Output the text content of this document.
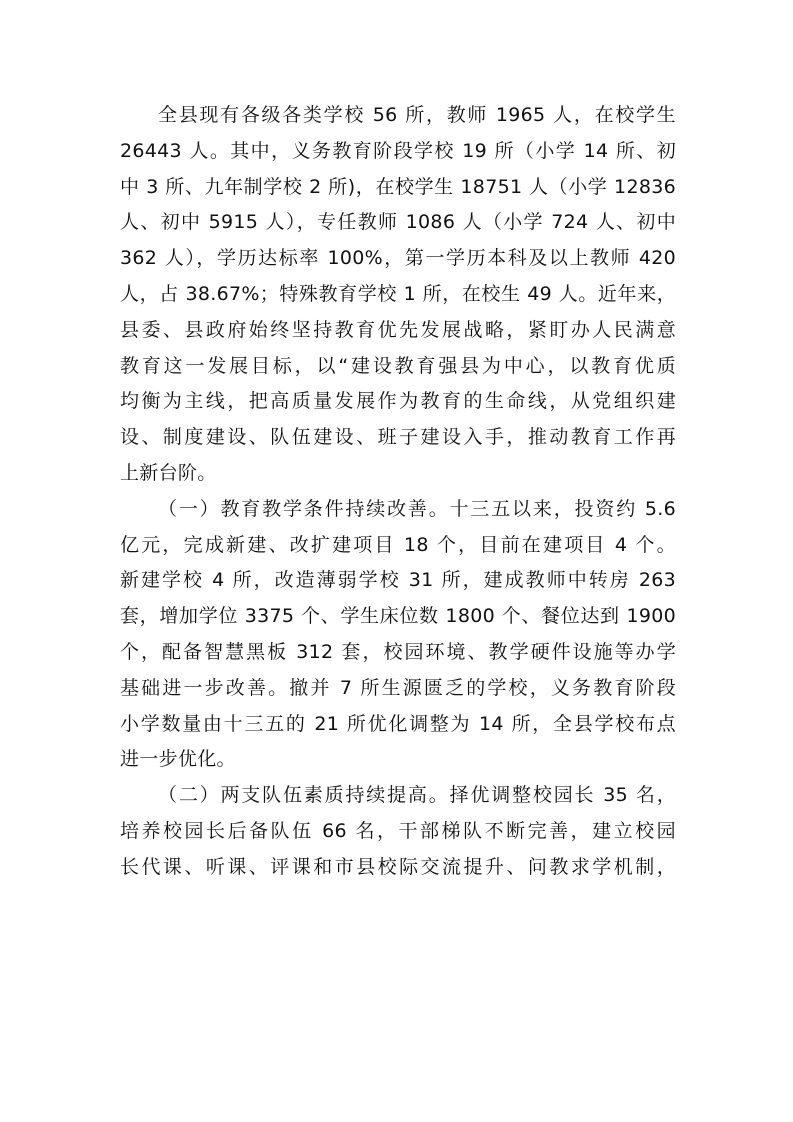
全县现有各级各类学校 56 所，教师 1965 人，在校学生
26443 人。其中，义务教育阶段学校 19 所（小学 14 所、初
中 3 所、九年制学校 2 所)，在校学生 18751 人（小学 12836
人、初中 5915 人），专任教师 1086 人（小学 724 人、初中
362 人），学历达标率 100%，第一学历本科及以上教师 420
人，占 38.67%；特殊教育学校 1 所，在校生 49 人。近年来，
县委、县政府始终坚持教育优先发展战略，紧盯办人民满意
教育这一发展目标，以“建设教育强县为中心，以教育优质
均衡为主线，把高质量发展作为教育的生命线，从党组织建
设、制度建设、队伍建设、班子建设入手，推动教育工作再
上新台阶。
（一）教育教学条件持续改善。十三五以来，投资约 5.6
亿元，完成新建、改扩建项目 18 个，目前在建项目 4 个。
新建学校 4 所，改造薄弱学校 31 所，建成教师中转房 263
套，增加学位 3375 个、学生床位数 1800 个、餐位达到 1900
个，配备智慧黑板 312 套，校园环境、教学硬件设施等办学
基础进一步改善。撤并 7 所生源匮乏的学校，义务教育阶段
小学数量由十三五的 21 所优化调整为 14 所，全县学校布点
进一步优化。
（二）两支队伍素质持续提高。择优调整校园长 35 名，
培养校园长后备队伍 66 名，干部梯队不断完善，建立校园
长代课、听课、评课和市县校际交流提升、问教求学机制，
